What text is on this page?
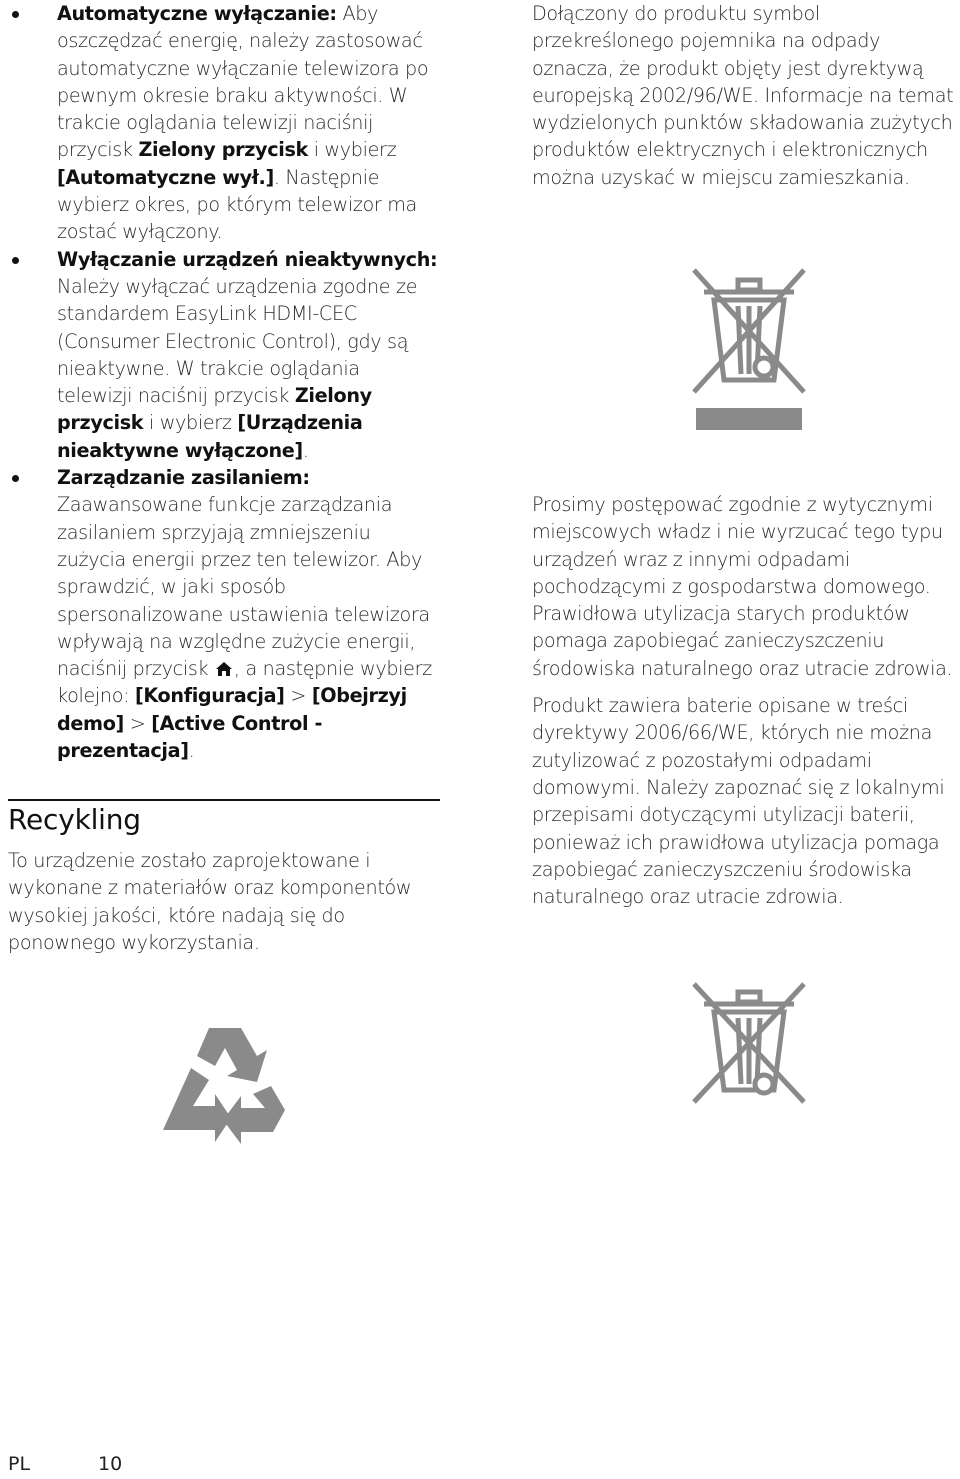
Automatyczne wyłączanie: Aby oszczędzać energię, należy zastosować automatyczne wyłączanie telewizora po pewnym okresie braku aktywności. W trakcie oglądania telewizji naciśnij przycisk Zielony przycisk i wybierz [Automatyczne wył.]. Następnie wybierz okres, po którym telewizor ma zostać wyłączony.
Wyłączanie urządzeń nieaktywnych: Należy wyłączać urządzenia zgodne ze standardem EasyLink HDMI-CEC (Consumer Electronic Control), gdy są nieaktywne. W trakcie oglądania telewizji naciśnij przycisk Zielony przycisk i wybierz [Urządzenia nieaktywne wyłączone].
Zarządzanie zasilaniem: Zaawansowane funkcje zarządzania zasilaniem sprzyjają zmniejszeniu zużycia energii przez ten telewizor. Aby sprawdzić, w jaki sposób spersonalizowane ustawienia telewizora wpływają na względne zużycie energii, naciśnij przycisk , a następnie wybierz kolejno: [Konfiguracja] > [Obejrzyj demo] > [Active Control - prezentacja].
Recykling

To urządzenie zostało zaprojektowane i wykonane z materiałów oraz komponentów wysokiej jakości, które nadają się do ponownego wykorzystania.

Dołączony do produktu symbol przekreślonego pojemnika na odpady oznacza, że produkt objęty jest dyrektywą europejską 2002/96/WE. Informacje na temat wydzielonych punktów składowania zużytych produktów elektrycznych i elektronicznych można uzyskać w miejscu zamieszkania.

Prosimy postępować zgodnie z wytycznymi miejscowych władz i nie wyrzucać tego typu urządzeń wraz z innymi odpadami pochodzącymi z gospodarstwa domowego. Prawidłowa utylizacja starych produktów pomaga zapobiegać zanieczyszczeniu środowiska naturalnego oraz utracie zdrowia.

Produkt zawiera baterie opisane w treści dyrektywy 2006/66/WE, których nie można zutylizować z pozostałymi odpadami domowymi. Należy zapoznać się z lokalnymi przepisami dotyczącymi utylizacji baterii, ponieważ ich prawidłowa utylizacja pomaga zapobiegać zanieczyszczeniu środowiska naturalnego oraz utracie zdrowia.

PL	10
